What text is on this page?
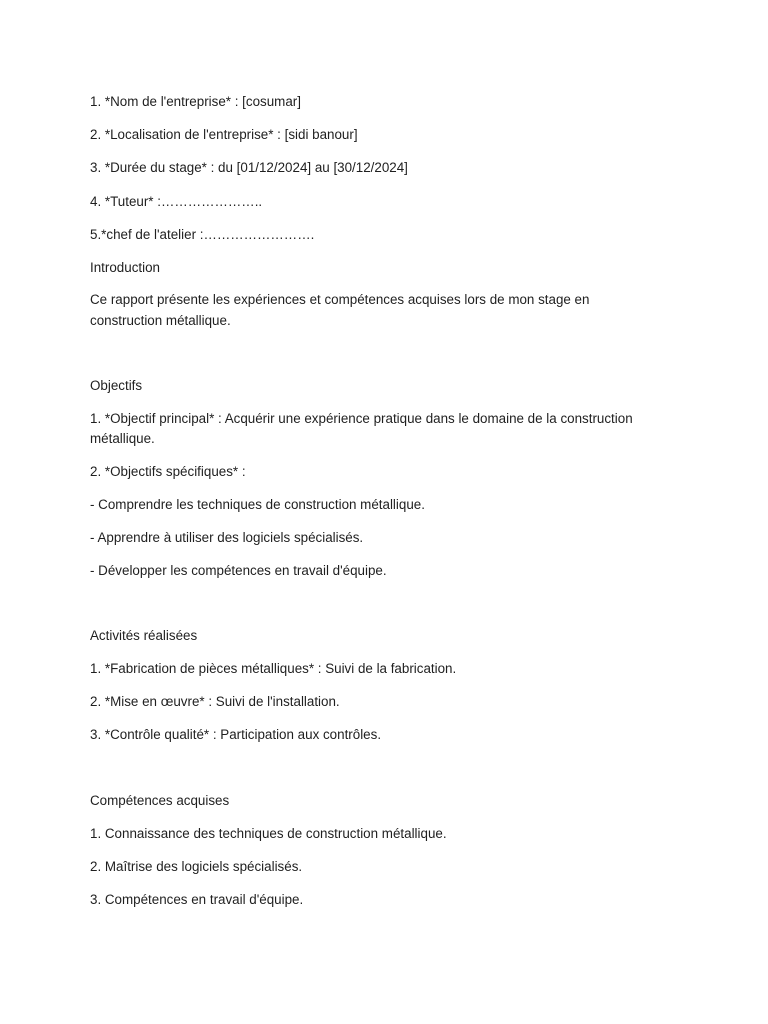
1. *Nom de l'entreprise* : [cosumar]

2. *Localisation de l'entreprise* : [sidi banour]

3. *Durée du stage* : du [01/12/2024] au [30/12/2024]

4. *Tuteur* :…………………..

5.*chef de l'atelier :…………………….

Introduction

Ce rapport présente les expériences et compétences acquises lors de mon stage en

construction métallique.

Objectifs

1. *Objectif principal* : Acquérir une expérience pratique dans le domaine de la construction

métallique.

2. *Objectifs spécifiques* :

- Comprendre les techniques de construction métallique.

- Apprendre à utiliser des logiciels spécialisés.

- Développer les compétences en travail d'équipe.

Activités réalisées

1. *Fabrication de pièces métalliques* : Suivi de la fabrication.

2. *Mise en œuvre* : Suivi de l'installation.

3. *Contrôle qualité* : Participation aux contrôles.

Compétences acquises

1. Connaissance des techniques de construction métallique.

2. Maîtrise des logiciels spécialisés.

3. Compétences en travail d'équipe.
